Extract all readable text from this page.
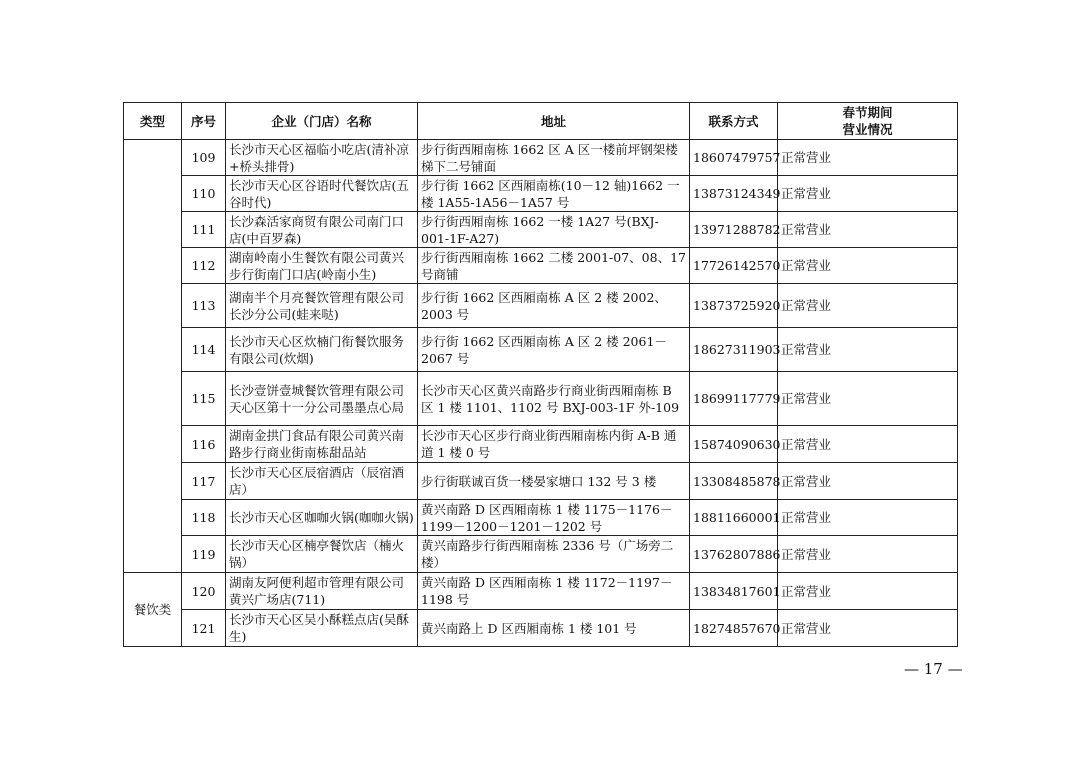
类型	序号	企业（门店）名称	地址	联系方式	春节期间
营业情况
	109	长沙市天心区福临小吃店(清补凉+桥头排骨)	步行街西厢南栋 1662 区 A 区一楼前坪钢架楼梯下二号铺面	18607479757	正常营业
	110	长沙市天心区谷语时代餐饮店(五谷时代)	步行街 1662 区西厢南栋(10－12 轴)1662 一楼 1A55-1A56－1A57 号	13873124349	正常营业
	111	长沙森活家商贸有限公司南门口店(中百罗森)	步行街西厢南栋 1662 一楼 1A27 号(BXJ-001-1F-A27)	13971288782	正常营业
	112	湖南岭南小生餐饮有限公司黄兴步行街南门口店(岭南小生)	步行街西厢南栋 1662 二楼 2001-07、08、17 号商铺	17726142570	正常营业
	113	湖南半个月亮餐饮管理有限公司长沙分公司(蛙来哒)	步行街 1662 区西厢南栋 A 区 2 楼 2002、2003 号	13873725920	正常营业
	114	长沙市天心区炊楠门衔餐饮服务有限公司(炊烟)	步行街 1662 区西厢南栋 A 区 2 楼 2061－2067 号	18627311903	正常营业
	115	长沙壹饼壹城餐饮管理有限公司天心区第十一分公司墨墨点心局	长沙市天心区黄兴南路步行商业街西厢南栋 B 区 1 楼 1101、1102 号 BXJ-003-1F 外-109	18699117779	正常营业
	116	湖南金拱门食品有限公司黄兴南路步行商业街南栋甜品站	长沙市天心区步行商业街西厢南栋内街 A-B 通道 1 楼 0 号	15874090630	正常营业
	117	长沙市天心区辰宿酒店（辰宿酒店）	步行街联诚百货一楼晏家塘口 132 号 3 楼	13308485878	正常营业
	118	长沙市天心区咖咖火锅(咖咖火锅)	黄兴南路 D 区西厢南栋 1 楼 1175－1176－1199－1200－1201－1202 号	18811660001	正常营业
	119	长沙市天心区楠亭餐饮店（楠火锅）	黄兴南路步行街西厢南栋 2336 号（广场旁二楼）	13762807886	正常营业
餐饮类	120	湖南友阿便利超市管理有限公司黄兴广场店(711)	黄兴南路 D 区西厢南栋 1 楼 1172－1197－1198 号	13834817601	正常营业
	121	长沙市天心区吴小酥糕点店(吴酥生)	黄兴南路上 D 区西厢南栋 1 楼 101 号	18274857670	正常营业
— 17 —
